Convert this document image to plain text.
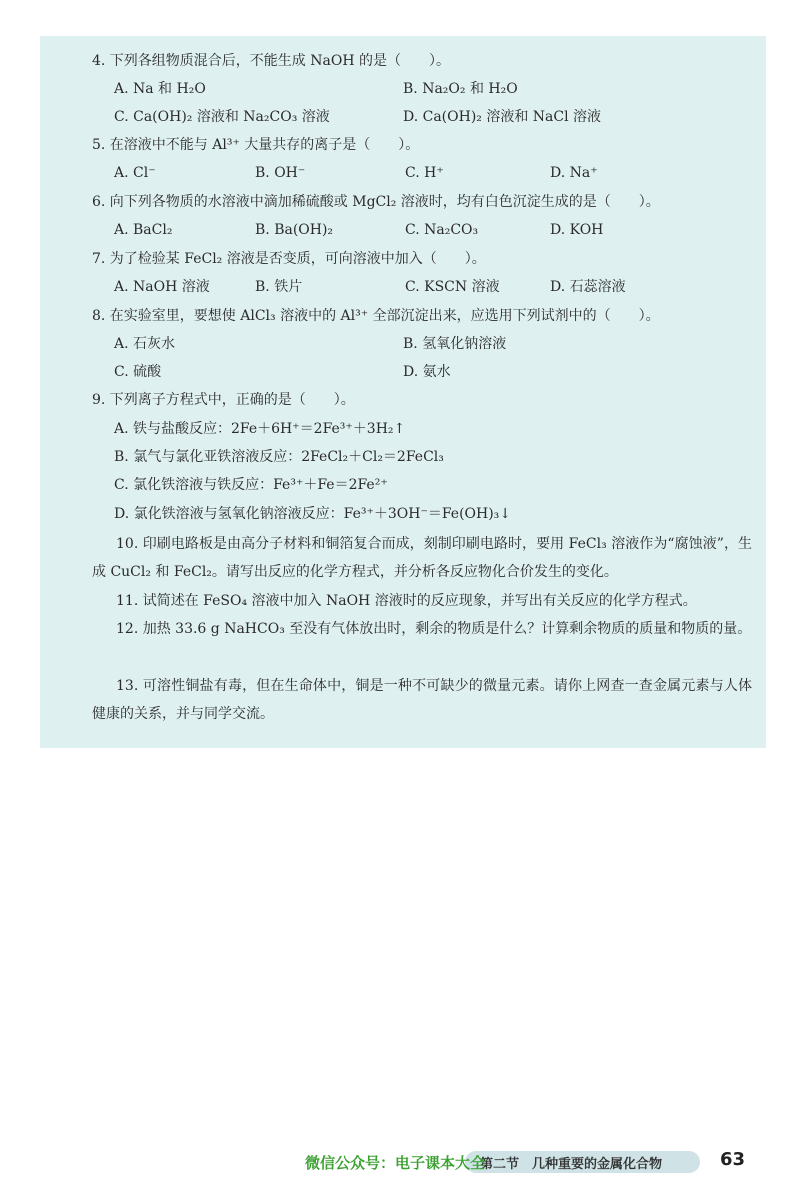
4. 下列各组物质混合后，不能生成 NaOH 的是（　　）。
A. Na 和 H₂O	B. Na₂O₂ 和 H₂O
C. Ca(OH)₂ 溶液和 Na₂CO₃ 溶液	D. Ca(OH)₂ 溶液和 NaCl 溶液
5. 在溶液中不能与 Al³⁺ 大量共存的离子是（　　）。
A. Cl⁻	B. OH⁻	C. H⁺	D. Na⁺
6. 向下列各物质的水溶液中滴加稀硫酸或 MgCl₂ 溶液时，均有白色沉淀生成的是（　　）。
A. BaCl₂	B. Ba(OH)₂	C. Na₂CO₃	D. KOH
7. 为了检验某 FeCl₂ 溶液是否变质，可向溶液中加入（　　）。
A. NaOH 溶液	B. 铁片	C. KSCN 溶液	D. 石蕊溶液
8. 在实验室里，要想使 AlCl₃ 溶液中的 Al³⁺ 全部沉淀出来，应选用下列试剂中的（　　）。
A. 石灰水	B. 氢氧化钠溶液
C. 硫酸	D. 氨水
9. 下列离子方程式中，正确的是（　　）。
A. 铁与盐酸反应：2Fe＋6H⁺＝2Fe³⁺＋3H₂↑
B. 氯气与氯化亚铁溶液反应：2FeCl₂＋Cl₂＝2FeCl₃
C. 氯化铁溶液与铁反应：Fe³⁺＋Fe＝2Fe²⁺
D. 氯化铁溶液与氢氧化钠溶液反应：Fe³⁺＋3OH⁻＝Fe(OH)₃↓
10. 印刷电路板是由高分子材料和铜箔复合而成，刻制印刷电路时，要用 FeCl₃ 溶液作为“腐蚀液”，生成 CuCl₂ 和 FeCl₂。请写出反应的化学方程式，并分析各反应物化合价发生的变化。
11. 试简述在 FeSO₄ 溶液中加入 NaOH 溶液时的反应现象，并写出有关反应的化学方程式。
12. 加热 33.6 g NaHCO₃ 至没有气体放出时，剩余的物质是什么？计算剩余物质的质量和物质的量。
13. 可溶性铜盐有毒，但在生命体中，铜是一种不可缺少的微量元素。请你上网查一查金属元素与人体健康的关系，并与同学交流。
第二节　几种重要的金属化合物
微信公众号：电子课本大全	63
